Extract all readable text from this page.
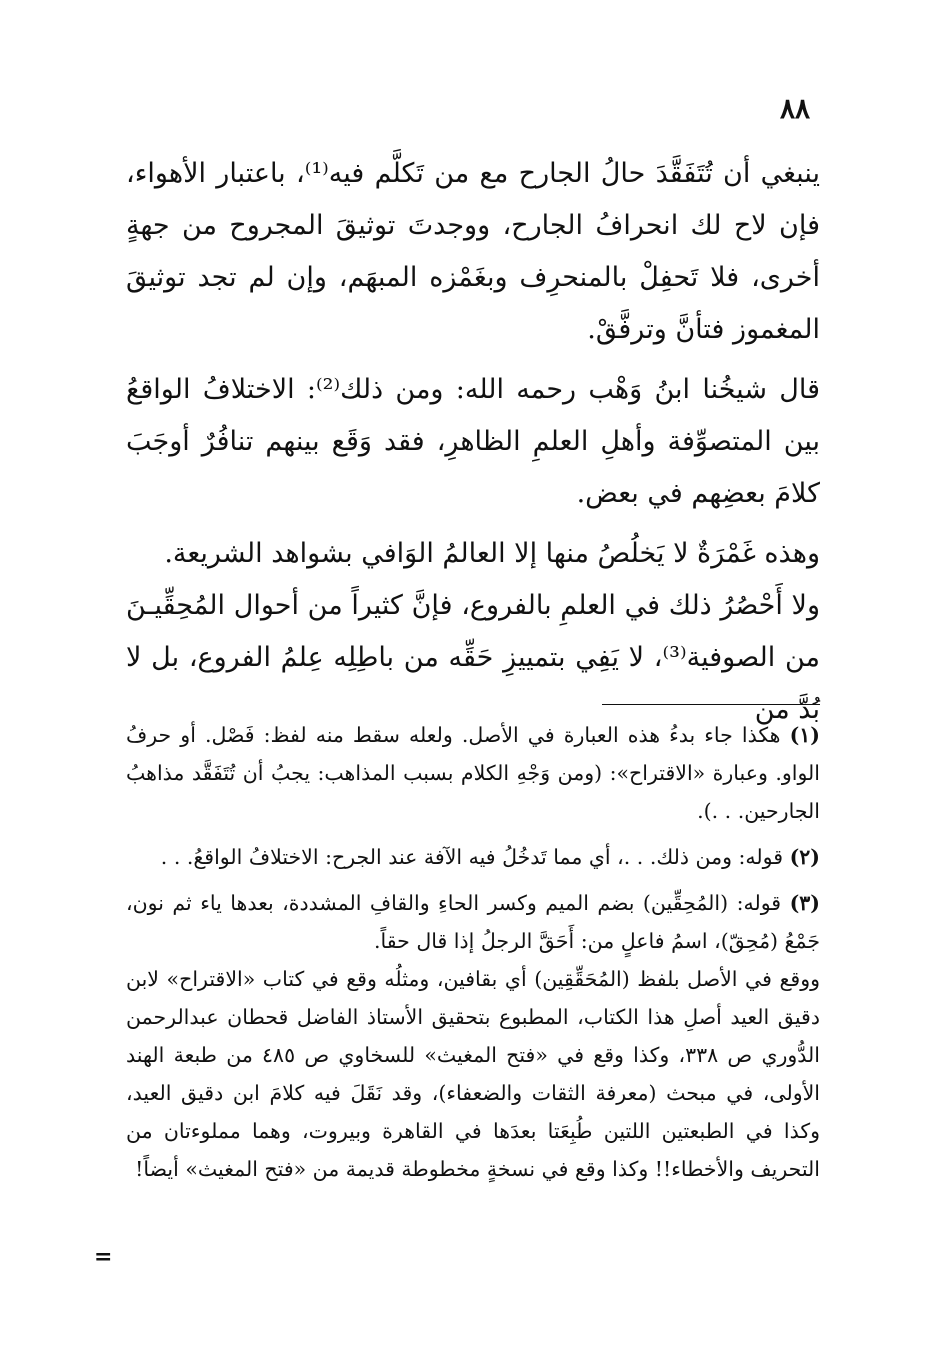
٨٨

ينبغي أن تُتَفَقَّدَ حالُ الجارح مع من تَكلَّم فيه⁽¹⁾، باعتبار الأهواء، فإن لاح لك انحرافُ الجارح، ووجدتَ توثيقَ المجروح من جهةٍ أخرى، فلا تَحفِلْ بالمنحرِف وبغَمْزه المبهَم، وإن لم تجد توثيقَ المغموز فتأنَّ وترفَّقْ.

قال شيخُنا ابنُ وَهْب رحمه الله: ومن ذلك⁽²⁾: الاختلافُ الواقعُ بين المتصوِّفة وأهلِ العلمِ الظاهرِ، فقد وَقَع بينهم تنافُرٌ أوجَبَ كلامَ بعضِهم في بعض.

وهذه غَمْرَةٌ لا يَخلُصُ منها إلا العالمُ الوَافي بشواهد الشريعة.

ولا أَحْصُرُ ذلك في العلمِ بالفروع، فإنَّ كثيراً من أحوال المُحِقِّيـنَ من الصوفية⁽³⁾، لا يَفِي بتمييزِ حَقِّه من باطِلِه عِلمُ الفروع، بل لا بُدَّ من

(١) هكذا جاء بدءُ هذه العبارة في الأصل. ولعله سقط منه لفظ: فَصْل. أو حرفُ الواو. وعبارة «الاقتراح»: (ومن وَجْهِ الكلام بسبب المذاهب: يجبُ أن تُتَفَقَّد مذاهبُ الجارحين. . .).

(٢) قوله: ومن ذلك. . .، أي مما تَدخُلُ فيه الآفة عند الجرح: الاختلافُ الواقعُ. . .

(٣) قوله: (المُحِقِّين) بضم الميم وكسر الحاءِ والقافِ المشددة، بعدها ياء ثم نون، جَمْعُ (مُحِقّ)، اسمُ فاعلٍ من: أَحَقَّ الرجلُ إذا قال حقاً.

ووقع في الأصل بلفظ (المُحَقِّقِين) أي بقافين، ومثلُه وقع في كتاب «الاقتراح» لابن دقيق العيد أصلِ هذا الكتاب، المطبوع بتحقيق الأستاذ الفاضل قحطان عبدالرحمن الدُّوري ص ٣٣٨، وكذا وقع في «فتح المغيث» للسخاوي ص ٤٨٥ من طبعة الهند الأولى، في مبحث (معرفة الثقات والضعفاء)، وقد نَقَلَ فيه كلامَ ابن دقيق العيد، وكذا في الطبعتين اللتين طُبِعَتا بعدَها في القاهرة وبيروت، وهما مملوءتان من التحريف والأخطاء!! وكذا وقع في نسخةٍ مخطوطة قديمة من «فتح المغيث» أيضاً!

=
